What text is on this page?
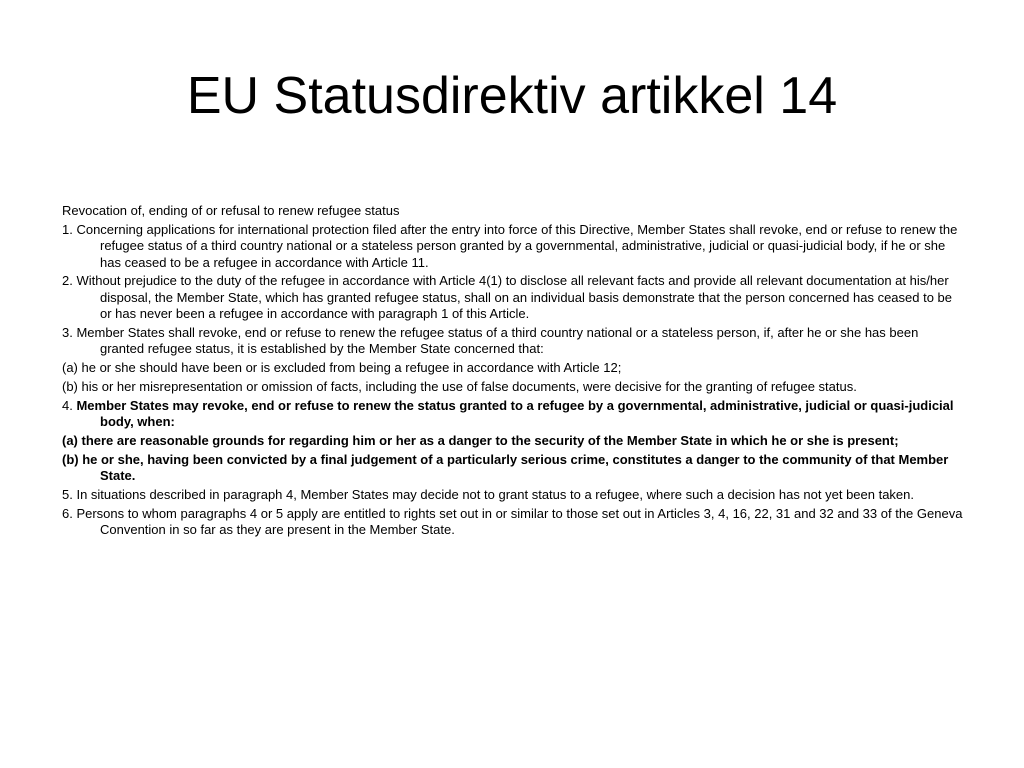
EU Statusdirektiv artikkel 14

Revocation of, ending of or refusal to renew refugee status

1. Concerning applications for international protection filed after the entry into force of this Directive, Member States shall revoke, end or refuse to renew the refugee status of a third country national or a stateless person granted by a governmental, administrative, judicial or quasi-judicial body, if he or she has ceased to be a refugee in accordance with Article 11.

2. Without prejudice to the duty of the refugee in accordance with Article 4(1) to disclose all relevant facts and provide all relevant documentation at his/her disposal, the Member State, which has granted refugee status, shall on an individual basis demonstrate that the person concerned has ceased to be or has never been a refugee in accordance with paragraph 1 of this Article.

3. Member States shall revoke, end or refuse to renew the refugee status of a third country national or a stateless person, if, after he or she has been granted refugee status, it is established by the Member State concerned that:

(a) he or she should have been or is excluded from being a refugee in accordance with Article 12;

(b) his or her misrepresentation or omission of facts, including the use of false documents, were decisive for the granting of refugee status.

4. Member States may revoke, end or refuse to renew the status granted to a refugee by a governmental, administrative, judicial or quasi-judicial body, when:

(a) there are reasonable grounds for regarding him or her as a danger to the security of the Member State in which he or she is present;

(b) he or she, having been convicted by a final judgement of a particularly serious crime, constitutes a danger to the community of that Member State.

5. In situations described in paragraph 4, Member States may decide not to grant status to a refugee, where such a decision has not yet been taken.

6. Persons to whom paragraphs 4 or 5 apply are entitled to rights set out in or similar to those set out in Articles 3, 4, 16, 22, 31 and 32 and 33 of the Geneva Convention in so far as they are present in the Member State.
